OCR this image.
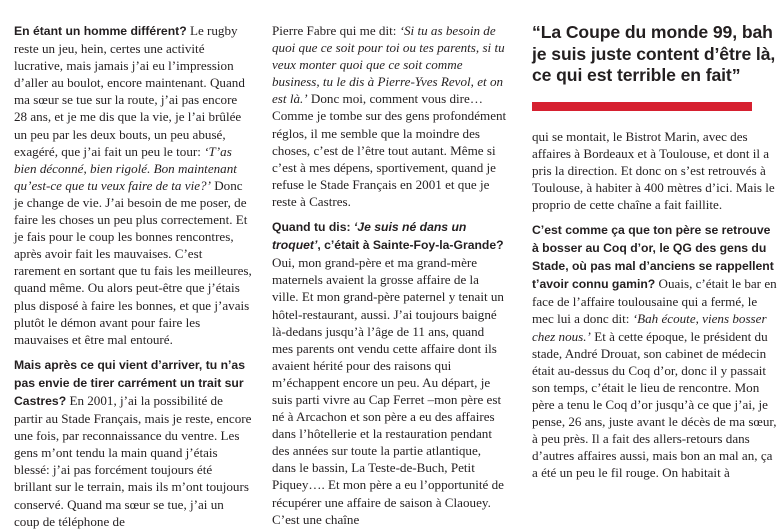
En étant un homme différent? Le rugby reste un jeu, hein, certes une activité lucrative, mais jamais j’ai eu l’impression d’aller au boulot, encore maintenant. Quand ma sœur se tue sur la route, j’ai pas encore 28 ans, et je me dis que la vie, je l’ai brûlée un peu par les deux bouts, un peu abusé, exagéré, que j’ai fait un peu le tour: ‘T’as bien déconné, bien rigolé. Bon maintenant qu’est-ce que tu veux faire de ta vie?’ Donc je change de vie. J’ai besoin de me poser, de faire les choses un peu plus correctement. Et je fais pour le coup les bonnes rencontres, après avoir fait les mauvaises. C’est rarement en sortant que tu fais les meilleures, quand même. Ou alors peut-être que j’étais plus disposé à faire les bonnes, et que j’avais plutôt le démon avant pour faire les mauvaises et être mal entouré.

Mais après ce qui vient d’arriver, tu n’as pas envie de tirer carrément un trait sur Castres? En 2001, j’ai la possibilité de partir au Stade Français, mais je reste, encore une fois, par reconnaissance du ventre. Les gens m’ont tendu la main quand j’étais blessé: j’ai pas forcément toujours été brillant sur le terrain, mais ils m’ont toujours conservé. Quand ma sœur se tue, j’ai un coup de téléphone de

Pierre Fabre qui me dit: ‘Si tu as besoin de quoi que ce soit pour toi ou tes parents, si tu veux monter quoi que ce soit comme business, tu le dis à Pierre-Yves Revol, et on est là.’ Donc moi, comment vous dire… Comme je tombe sur des gens profondément réglos, il me semble que la moindre des choses, c’est de l’être tout autant. Même si c’est à mes dépens, sportivement, quand je refuse le Stade Français en 2001 et que je reste à Castres.

Quand tu dis: ‘Je suis né dans un troquet’, c’était à Sainte-Foy-la-Grande? Oui, mon grand-père et ma grand-mère maternels avaient la grosse affaire de la ville. Et mon grand-père paternel y tenait un hôtel-restaurant, aussi. J’ai toujours baigné là-dedans jusqu’à l’âge de 11 ans, quand mes parents ont vendu cette affaire dont ils avaient hérité pour des raisons qui m’échappent encore un peu. Au départ, je suis parti vivre au Cap Ferret –mon père est né à Arcachon et son père a eu des affaires dans l’hôtellerie et la restauration pendant des années sur toute la partie atlantique, dans le bassin, La Teste-de-Buch, Petit Piquey…. Et mon père a eu l’opportunité de récupérer une affaire de saison à Claouey. C’est une chaîne

“La Coupe du monde 99, bah je suis juste content d’être là, ce qui est terrible en fait”

qui se montait, le Bistrot Marin, avec des affaires à Bordeaux et à Toulouse, et dont il a pris la direction. Et donc on s’est retrouvés à Toulouse, à habiter à 400 mètres d’ici. Mais le proprio de cette chaîne a fait faillite.

C’est comme ça que ton père se retrouve à bosser au Coq d’or, le QG des gens du Stade, où pas mal d’anciens se rappellent t’avoir connu gamin? Ouais, c’était le bar en face de l’affaire toulousaine qui a fermé, le mec lui a donc dit: ‘Bah écoute, viens bosser chez nous.’ Et à cette époque, le président du stade, André Drouat, son cabinet de médecin était au-dessus du Coq d’or, donc il y passait son temps, c’était le lieu de rencontre. Mon père a tenu le Coq d’or jusqu’à ce que j’ai, je pense, 26 ans, juste avant le décès de ma sœur, à peu près. Il a fait des allers-retours dans d’autres affaires aussi, mais bon an mal an, ça a été un peu le fil rouge. On habitait à
